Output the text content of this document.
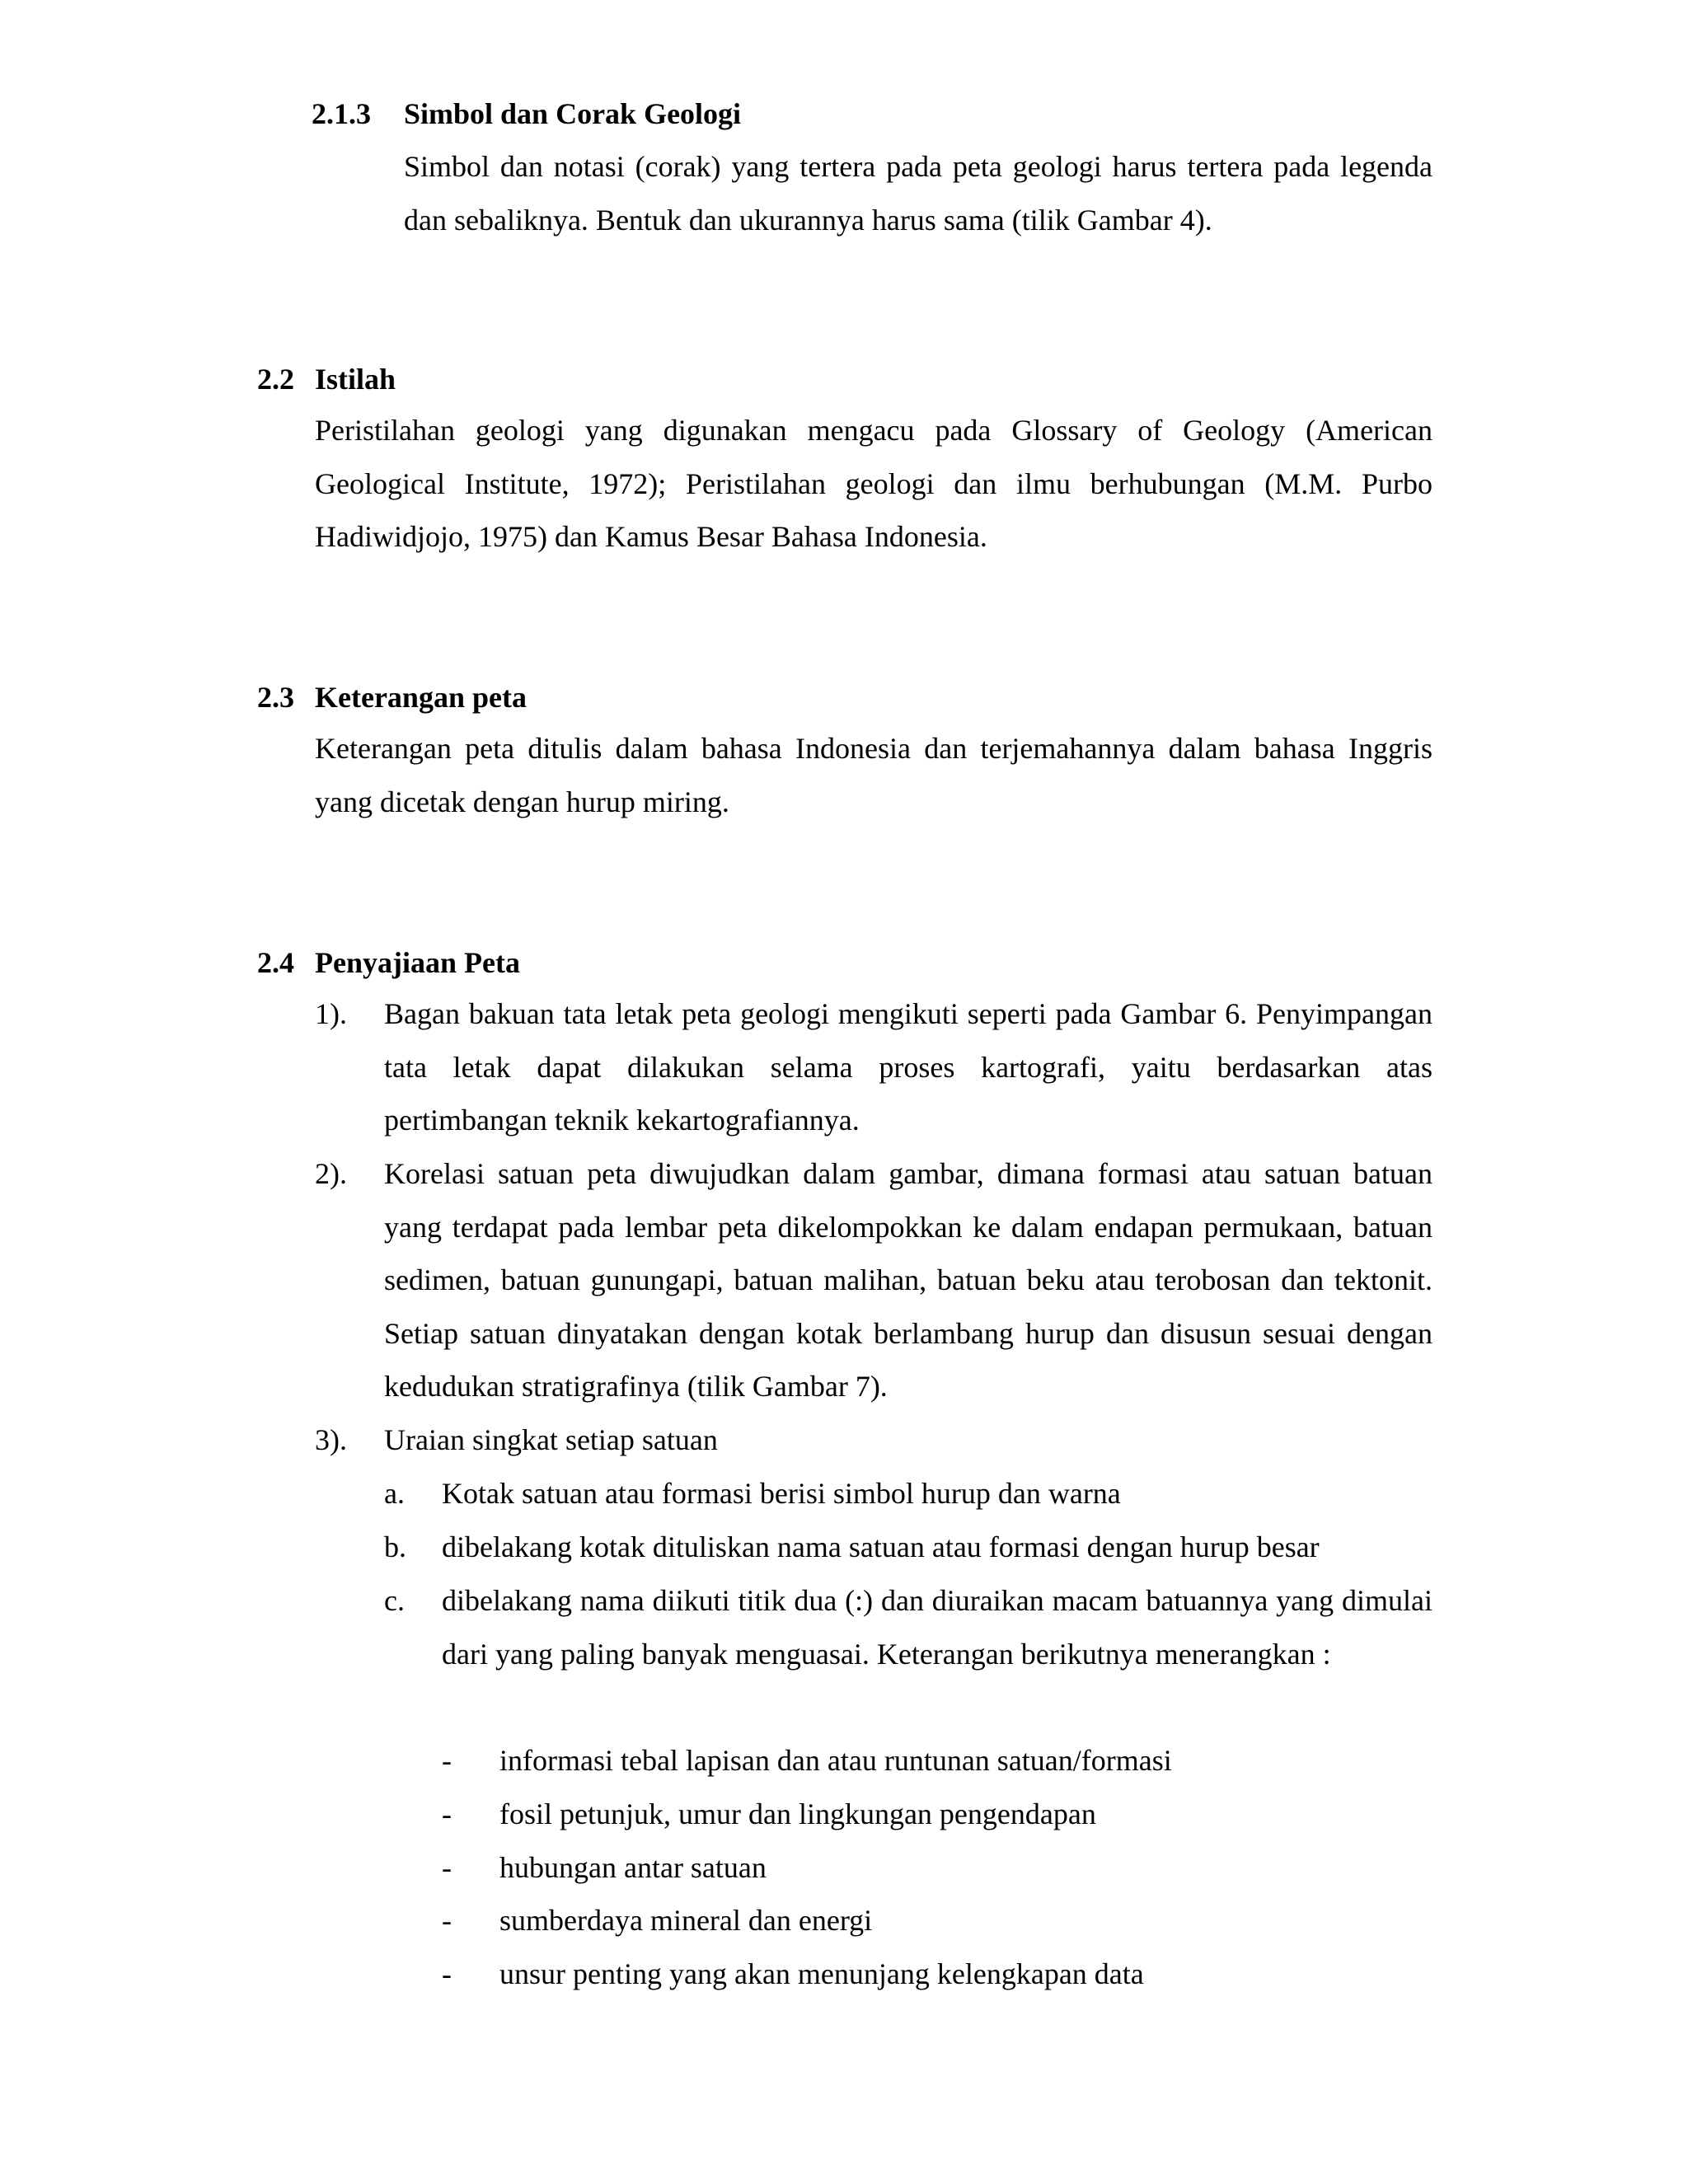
2.1.3 Simbol dan Corak Geologi
Simbol dan notasi (corak) yang tertera pada peta geologi harus tertera pada legenda dan sebaliknya. Bentuk dan ukurannya harus sama (tilik Gambar 4).
2.2 Istilah
Peristilahan geologi yang digunakan mengacu pada Glossary of Geology (American Geological Institute, 1972); Peristilahan geologi dan ilmu berhubungan (M.M. Purbo Hadiwidjojo, 1975) dan Kamus Besar Bahasa Indonesia.
2.3 Keterangan peta
Keterangan peta ditulis dalam bahasa Indonesia dan terjemahannya dalam bahasa Inggris yang dicetak dengan hurup miring.
2.4 Penyajiaan Peta
1). Bagan bakuan tata letak peta geologi mengikuti seperti pada Gambar 6. Penyimpangan tata letak dapat dilakukan selama proses kartografi, yaitu berdasarkan atas pertimbangan teknik kekartografiannya.
2). Korelasi satuan peta diwujudkan dalam gambar, dimana formasi atau satuan batuan yang terdapat pada lembar peta dikelompokkan ke dalam endapan permukaan, batuan sedimen, batuan gunungapi, batuan malihan, batuan beku atau terobosan dan tektonit. Setiap satuan dinyatakan dengan kotak berlambang hurup dan disusun sesuai dengan kedudukan stratigrafinya (tilik Gambar 7).
3). Uraian singkat setiap satuan
a. Kotak satuan atau formasi berisi simbol hurup dan warna
b. dibelakang kotak dituliskan nama satuan atau formasi dengan hurup besar
c. dibelakang nama diikuti titik dua (:) dan diuraikan macam batuannya yang dimulai dari yang paling banyak menguasai. Keterangan berikutnya menerangkan :
- informasi tebal lapisan dan atau runtunan satuan/formasi
- fosil petunjuk, umur dan lingkungan pengendapan
- hubungan antar satuan
- sumberdaya mineral dan energi
- unsur penting yang akan menunjang kelengkapan data
